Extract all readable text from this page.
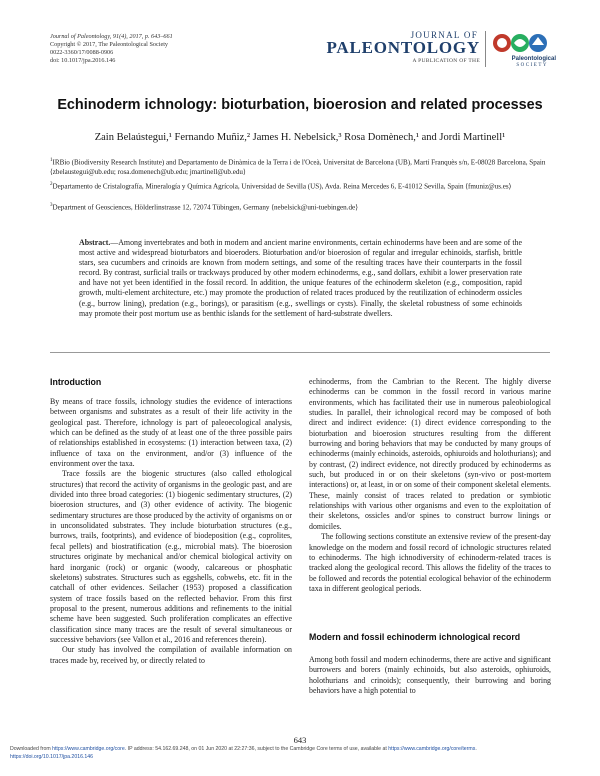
Journal of Paleontology, 91(4), 2017, p. 643–661
Copyright © 2017, The Paleontological Society
0022-3360/17/0088-0906
doi: 10.1017/jpa.2016.146
JOURNAL OF
PALEONTOLOGY
A PUBLICATION OF THE	Paleontological
SOCIETY
Echinoderm ichnology: bioturbation, bioerosion and related processes
Zain Belaústegui,¹ Fernando Muñiz,² James H. Nebelsick,³ Rosa Domènech,¹ and Jordi Martinell¹
$^1$IRBio (Biodiversity Research Institute) and Departamento de Dinàmica de la Terra i de l'Oceà, Universitat de Barcelona (UB), Martí Franquès s/n, E-08028 Barcelona, Spain ⟨zbelaustegui@ub.edu; rosa.domenech@ub.edu; jmartinell@ub.edu⟩
$^2$Departamento de Cristalografía, Mineralogía y Química Agrícola, Universidad de Sevilla (US), Avda. Reina Mercedes 6, E-41012 Sevilla, Spain ⟨fmuniz@us.es⟩
$^3$Department of Geosciences, Hölderlinstrasse 12, 72074 Tübingen, Germany ⟨nebelsick@uni-tuebingen.de⟩
Abstract.—Among invertebrates and both in modern and ancient marine environments, certain echinoderms have been and are some of the most active and widespread bioturbators and bioeroders. Bioturbation and/or bioerosion of regular and irregular echinoids, starfish, brittle stars, sea cucumbers and crinoids are known from modern settings, and some of the resulting traces have their counterparts in the fossil record. By contrast, surficial trails or trackways produced by other modern echinoderms, e.g., sand dollars, exhibit a lower preservation rate and have not yet been identified in the fossil record. In addition, the unique features of the echinoderm skeleton (e.g., composition, rapid growth, multi-element architecture, etc.) may promote the production of related traces produced by the reutilization of echinoderm ossicles (e.g., burrow lining), predation (e.g., borings), or parasitism (e.g., swellings or cysts). Finally, the skeletal robustness of some echinoids may promote their post mortum use as benthic islands for the settlement of hard-substrate dwellers.
Introduction

By means of trace fossils, ichnology studies the evidence of interactions between organisms and substrates as a result of their life activity in the geological past. Therefore, ichnology is part of paleoecological analysis, which can be defined as the study of at least one of the three possible pairs of relationships established in ecosystems: (1) interaction between taxa, (2) influence of taxa on the environment, and/or (3) influence of the environment over the taxa.

Trace fossils are the biogenic structures (also called ethological structures) that record the activity of organisms in the geologic past, and are divided into three broad categories: (1) biogenic sedimentary structures, (2) bioerosion structures, and (3) other evidence of activity. The biogenic sedimentary structures are those produced by the activity of organisms on or in unconsolidated substrates. They include bioturbation structures (e.g., burrows, trails, footprints), and evidence of biodeposition (e.g., coprolites, fecal pellets) and biostratification (e.g., microbial mats). The bioerosion structures originate by mechanical and/or chemical biological activity on hard inorganic (rock) or organic (woody, calcareous or phosphatic skeletons) substrates. Structures such as eggshells, cobwebs, etc. fit in the catchall of other evidences. Seilacher (1953) proposed a classification system of trace fossils based on the reflected behavior. From this first proposal to the present, numerous additions and refinements to the initial scheme have been suggested. Such proliferation complicates an effective classification since many traces are the result of several simultaneous or successive behaviors (see Vallon et al., 2016 and references therein).

Our study has involved the compilation of available information on traces made by, received by, or directly related to

echinoderms, from the Cambrian to the Recent. The highly diverse echinoderms can be common in the fossil record in various marine environments, which has facilitated their use in numerous paleobiological studies. In parallel, their ichnological record may be composed of both direct and indirect evidence: (1) direct evidence corresponding to the bioturbation and bioerosion structures resulting from the different burrowing and boring behaviors that may be conducted by many groups of echinoderms (mainly echinoids, asteroids, ophiuroids and holothurians); and by contrast, (2) indirect evidence, not directly produced by echinoderms as such, but produced in or on their skeletons (syn-vivo or post-mortem interactions) or, at least, in or on some of their component skeletal elements. These, mainly consist of traces related to predation or symbiotic relationships with various other organisms and even to the exploitation of their skeletons, ossicles and/or spines to construct burrow linings or domiciles.

The following sections constitute an extensive review of the present-day knowledge on the modern and fossil record of ichnologic structures related to echinoderms. The high ichnodiversity of echinoderm-related traces is tracked along the geological record. This allows the fidelity of the traces to be followed and records the potential ecological behavior of the echinoderm taxa in different geological periods.

Modern and fossil echinoderm ichnological record

Among both fossil and modern echinoderms, there are active and significant burrowers and borers (mainly echinoids, but also asteroids, ophiuroids, holothurians and crinoids); consequently, their burrowing and boring behaviors have a high potential to

643
Downloaded from https://www.cambridge.org/core. IP address: 54.162.69.248, on 01 Jun 2020 at 22:27:36, subject to the Cambridge Core terms of use, available at https://www.cambridge.org/core/terms.
https://doi.org/10.1017/jpa.2016.146
